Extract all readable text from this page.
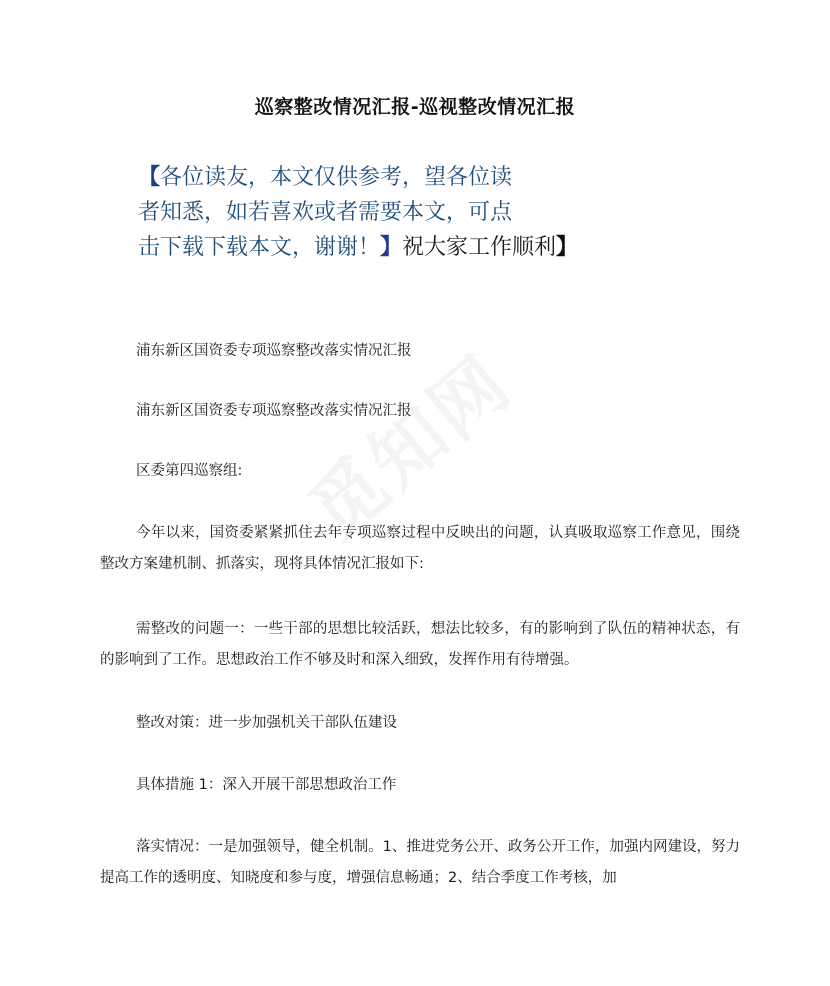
巡察整改情况汇报-巡视整改情况汇报
【各位读友，本文仅供参考，望各位读
者知悉，如若喜欢或者需要本文，可点
击下载下载本文，谢谢！】祝大家工作顺利】

浦东新区国资委专项巡察整改落实情况汇报

浦东新区国资委专项巡察整改落实情况汇报

区委第四巡察组:

今年以来，国资委紧紧抓住去年专项巡察过程中反映出的问题，认真吸取巡察工作意见，围绕整改方案建机制、抓落实，现将具体情况汇报如下:

需整改的问题一：一些干部的思想比较活跃，想法比较多，有的影响到了队伍的精神状态，有的影响到了工作。思想政治工作不够及时和深入细致，发挥作用有待增强。

整改对策：进一步加强机关干部队伍建设

具体措施 1：深入开展干部思想政治工作

落实情况：一是加强领导，健全机制。1、推进党务公开、政务公开工作，加强内网建设，努力提高工作的透明度、知晓度和参与度，增强信息畅通；2、结合季度工作考核，加
